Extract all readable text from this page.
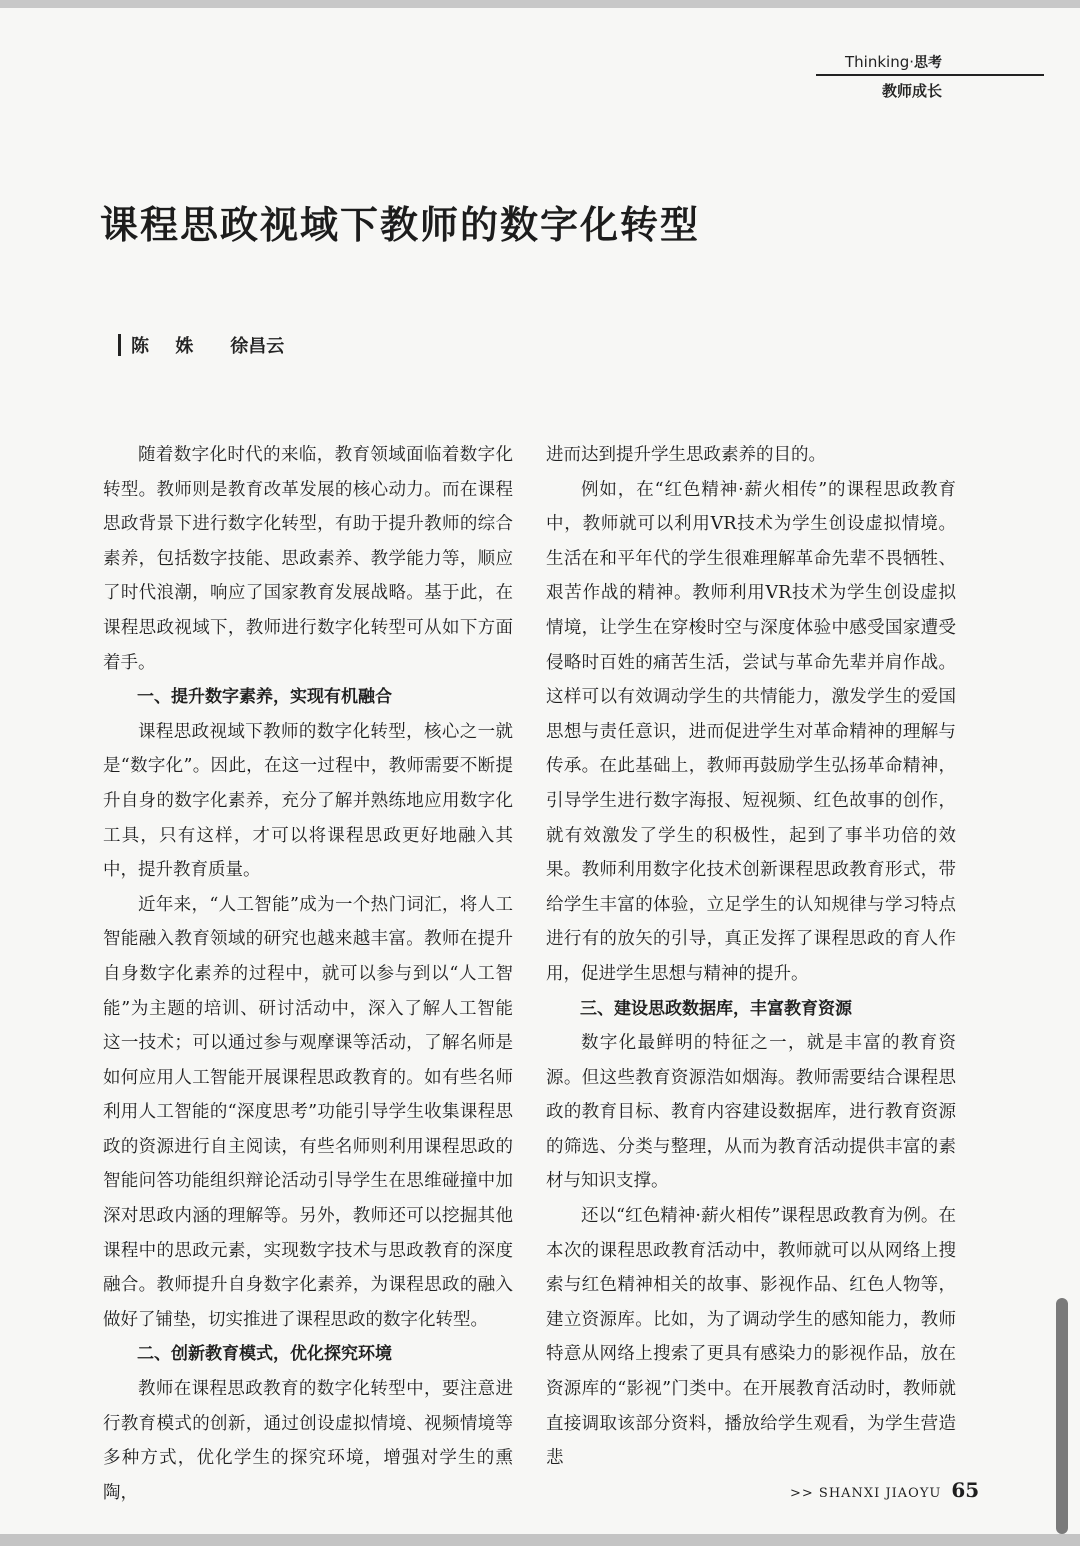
Thinking·思考
教师成长
课程思政视域下教师的数字化转型
陈 姝 徐昌云

随着数字化时代的来临，教育领域面临着数字化转型。教师则是教育改革发展的核心动力。而在课程思政背景下进行数字化转型，有助于提升教师的综合素养，包括数字技能、思政素养、教学能力等，顺应了时代浪潮，响应了国家教育发展战略。基于此，在课程思政视域下，教师进行数字化转型可从如下方面着手。

一、提升数字素养，实现有机融合

课程思政视域下教师的数字化转型，核心之一就是“数字化”。因此，在这一过程中，教师需要不断提升自身的数字化素养，充分了解并熟练地应用数字化工具，只有这样，才可以将课程思政更好地融入其中，提升教育质量。

近年来，“人工智能”成为一个热门词汇，将人工智能融入教育领域的研究也越来越丰富。教师在提升自身数字化素养的过程中，就可以参与到以“人工智能”为主题的培训、研讨活动中，深入了解人工智能这一技术；可以通过参与观摩课等活动，了解名师是如何应用人工智能开展课程思政教育的。如有些名师利用人工智能的“深度思考”功能引导学生收集课程思政的资源进行自主阅读，有些名师则利用课程思政的智能问答功能组织辩论活动引导学生在思维碰撞中加深对思政内涵的理解等。另外，教师还可以挖掘其他课程中的思政元素，实现数字技术与思政教育的深度融合。教师提升自身数字化素养，为课程思政的融入做好了铺垫，切实推进了课程思政的数字化转型。

二、创新教育模式，优化探究环境

教师在课程思政教育的数字化转型中，要注意进行教育模式的创新，通过创设虚拟情境、视频情境等多种方式，优化学生的探究环境，增强对学生的熏陶，

进而达到提升学生思政素养的目的。

例如，在“红色精神·薪火相传”的课程思政教育中，教师就可以利用VR技术为学生创设虚拟情境。生活在和平年代的学生很难理解革命先辈不畏牺牲、艰苦作战的精神。教师利用VR技术为学生创设虚拟情境，让学生在穿梭时空与深度体验中感受国家遭受侵略时百姓的痛苦生活，尝试与革命先辈并肩作战。这样可以有效调动学生的共情能力，激发学生的爱国思想与责任意识，进而促进学生对革命精神的理解与传承。在此基础上，教师再鼓励学生弘扬革命精神，引导学生进行数字海报、短视频、红色故事的创作，就有效激发了学生的积极性，起到了事半功倍的效果。教师利用数字化技术创新课程思政教育形式，带给学生丰富的体验，立足学生的认知规律与学习特点进行有的放矢的引导，真正发挥了课程思政的育人作用，促进学生思想与精神的提升。

三、建设思政数据库，丰富教育资源

数字化最鲜明的特征之一，就是丰富的教育资源。但这些教育资源浩如烟海。教师需要结合课程思政的教育目标、教育内容建设数据库，进行教育资源的筛选、分类与整理，从而为教育活动提供丰富的素材与知识支撑。

还以“红色精神·薪火相传”课程思政教育为例。在本次的课程思政教育活动中，教师就可以从网络上搜索与红色精神相关的故事、影视作品、红色人物等，建立资源库。比如，为了调动学生的感知能力，教师特意从网络上搜索了更具有感染力的影视作品，放在资源库的“影视”门类中。在开展教育活动时，教师就直接调取该部分资料，播放给学生观看，为学生营造悲

>> SHANXI JIAOYU 65
